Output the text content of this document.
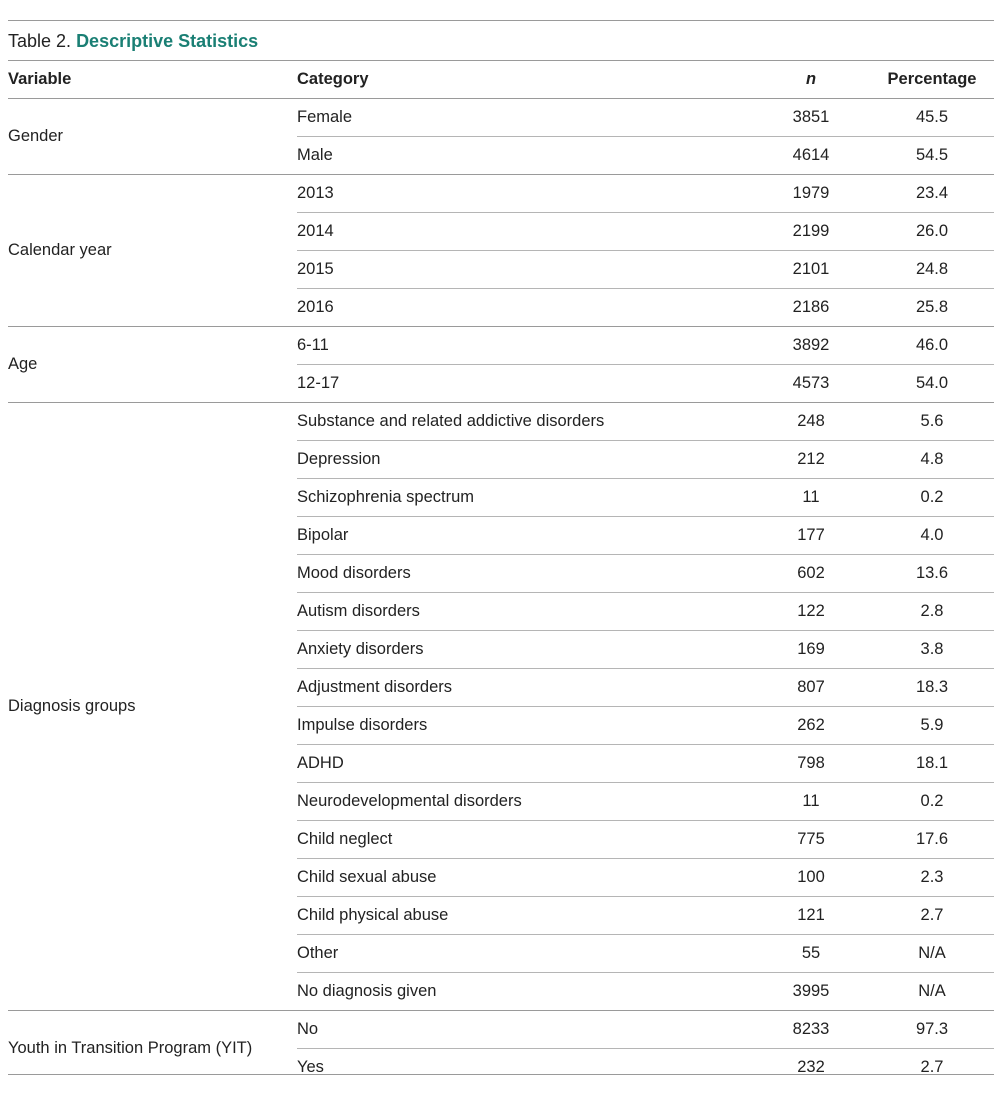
Table 2. Descriptive Statistics
Variable	Category	n	Percentage
Gender	Female	3851	45.5
	Male	4614	54.5
Calendar year	2013	1979	23.4
	2014	2199	26.0
	2015	2101	24.8
	2016	2186	25.8
Age	6-11	3892	46.0
	12-17	4573	54.0
Diagnosis groups	Substance and related addictive disorders	248	5.6
	Depression	212	4.8
	Schizophrenia spectrum	11	0.2
	Bipolar	177	4.0
	Mood disorders	602	13.6
	Autism disorders	122	2.8
	Anxiety disorders	169	3.8
	Adjustment disorders	807	18.3
	Impulse disorders	262	5.9
	ADHD	798	18.1
	Neurodevelopmental disorders	11	0.2
	Child neglect	775	17.6
	Child sexual abuse	100	2.3
	Child physical abuse	121	2.7
	Other	55	N/A
	No diagnosis given	3995	N/A
Youth in Transition Program (YIT)	No	8233	97.3
	Yes	232	2.7
